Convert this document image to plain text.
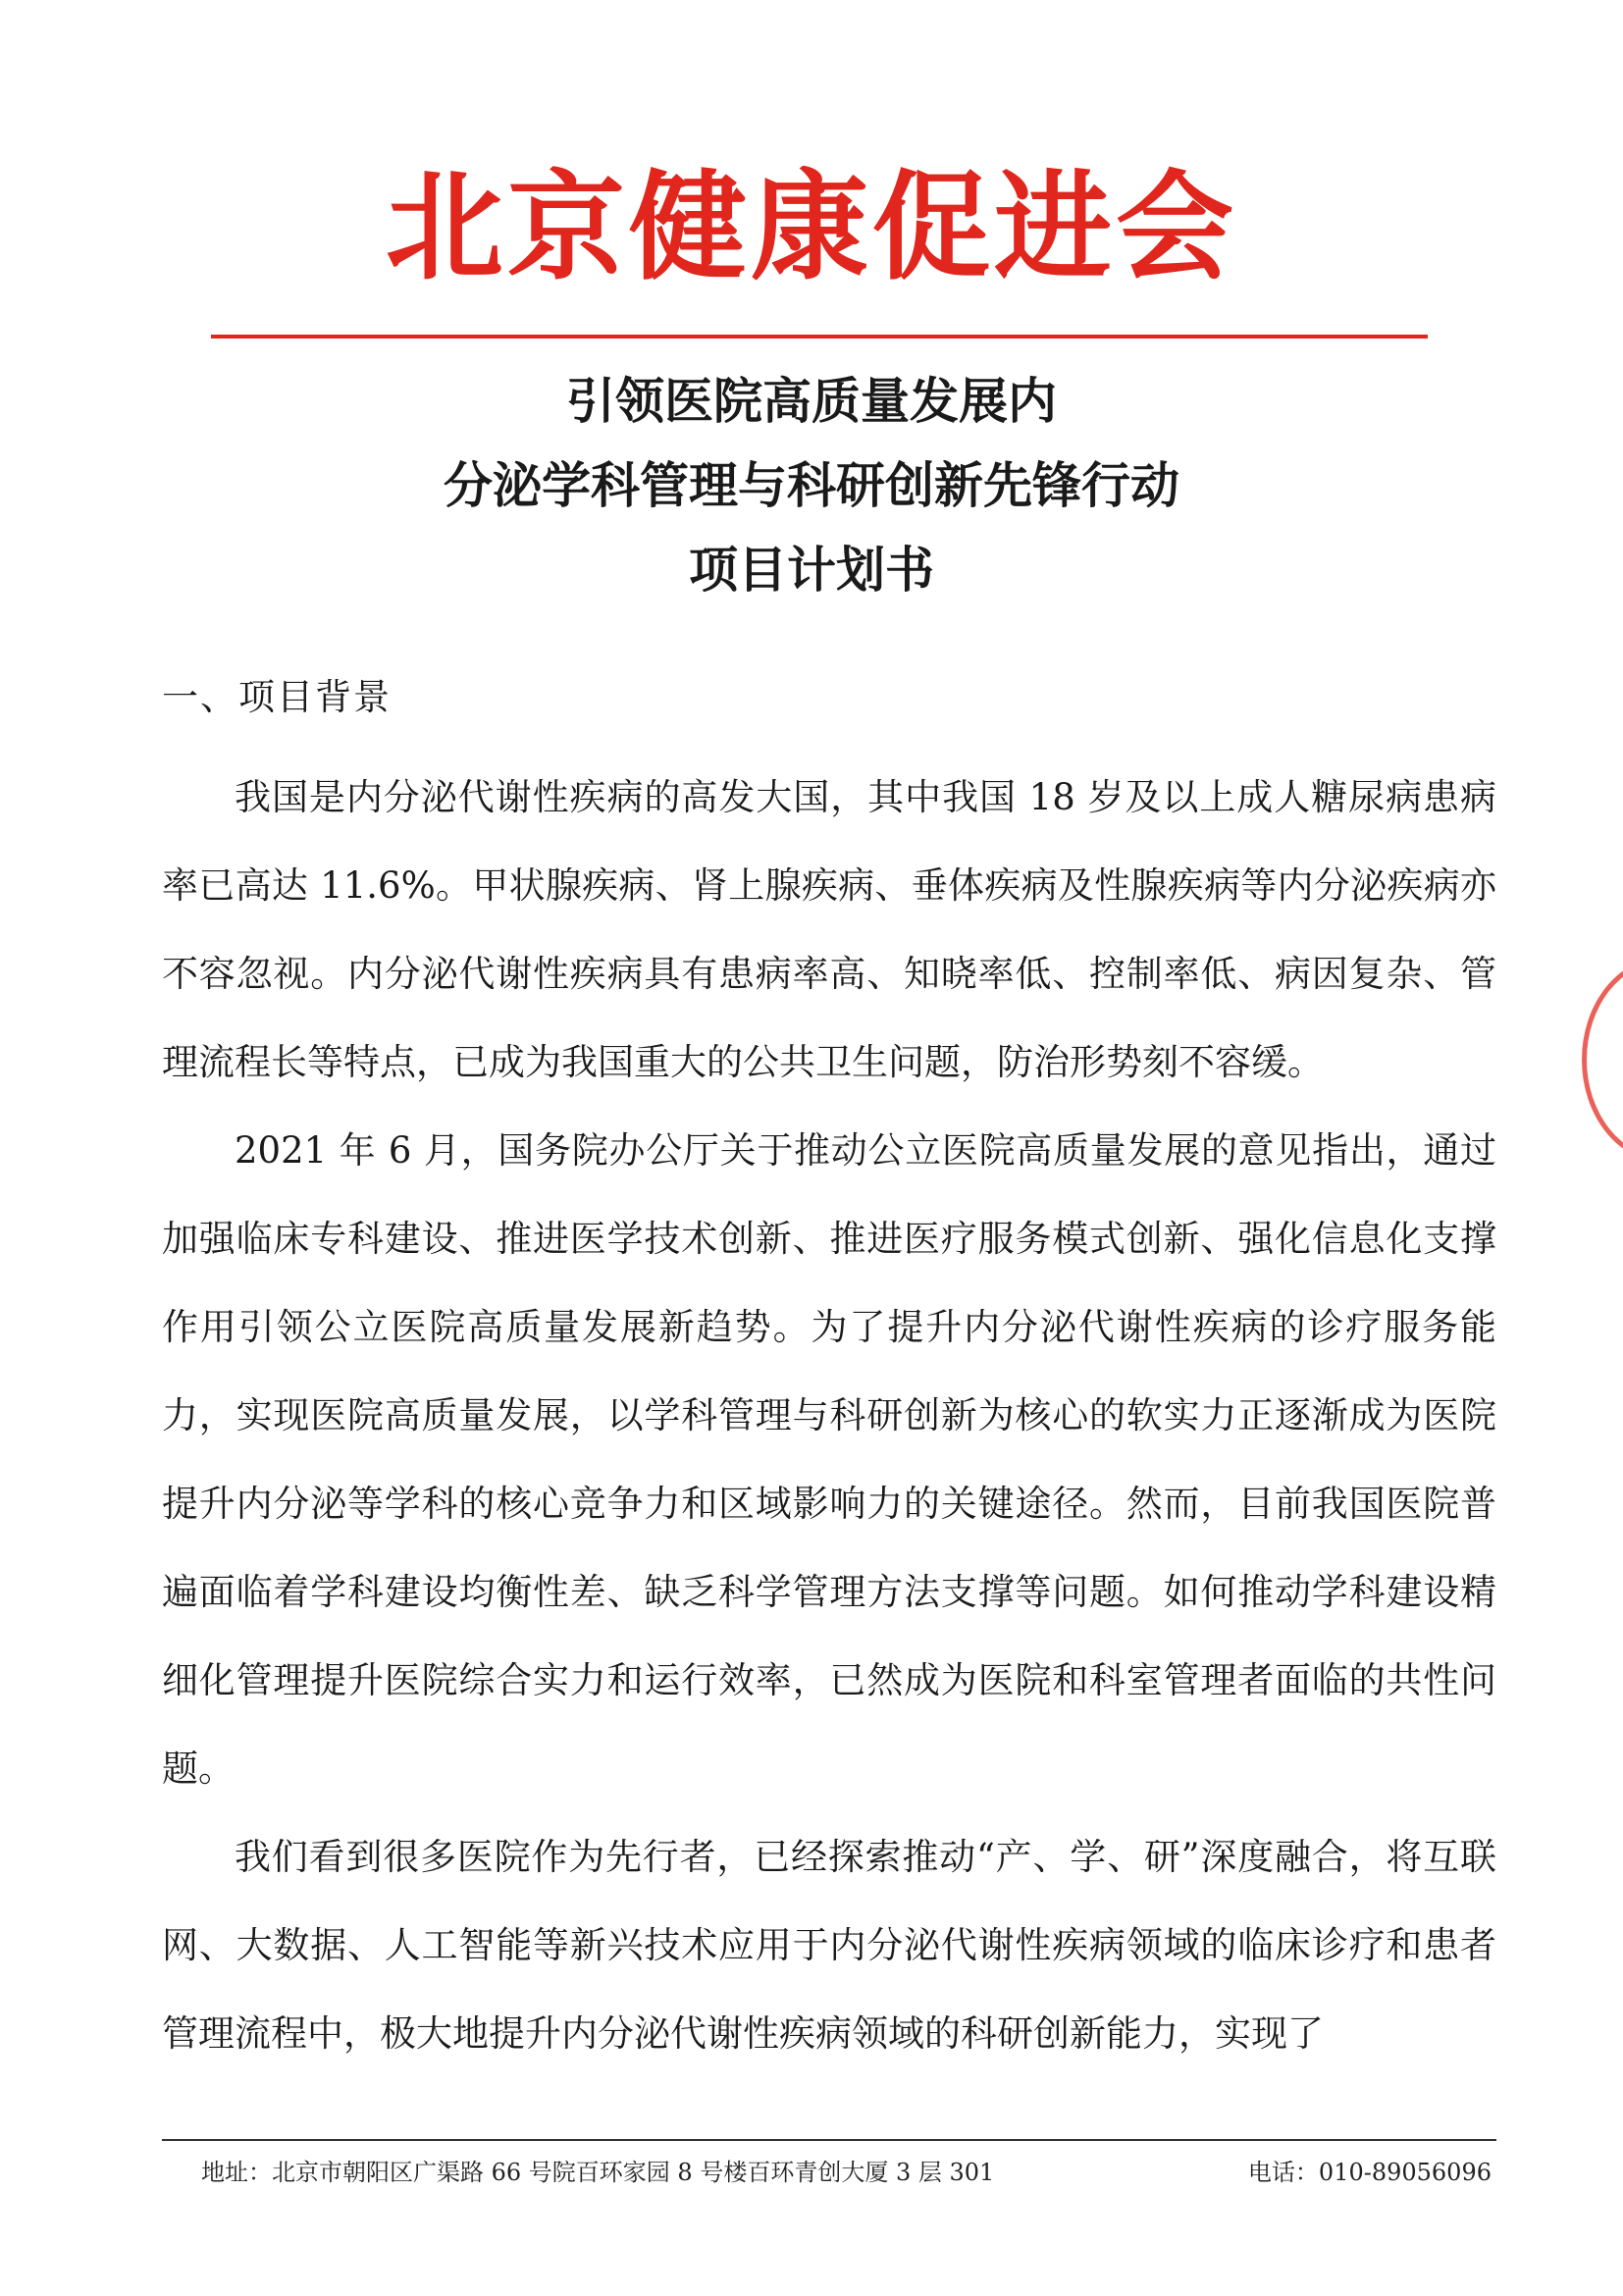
北京健康促进会
引领医院高质量发展内
分泌学科管理与科研创新先锋行动
项目计划书
一、项目背景

我国是内分泌代谢性疾病的高发大国，其中我国 18 岁及以上成人糖尿病患病率已高达 11.6%。甲状腺疾病、肾上腺疾病、垂体疾病及性腺疾病等内分泌疾病亦不容忽视。内分泌代谢性疾病具有患病率高、知晓率低、控制率低、病因复杂、管理流程长等特点，已成为我国重大的公共卫生问题，防治形势刻不容缓。

2021 年 6 月，国务院办公厅关于推动公立医院高质量发展的意见指出，通过加强临床专科建设、推进医学技术创新、推进医疗服务模式创新、强化信息化支撑作用引领公立医院高质量发展新趋势。为了提升内分泌代谢性疾病的诊疗服务能力，实现医院高质量发展，以学科管理与科研创新为核心的软实力正逐渐成为医院提升内分泌等学科的核心竞争力和区域影响力的关键途径。然而，目前我国医院普遍面临着学科建设均衡性差、缺乏科学管理方法支撑等问题。如何推动学科建设精细化管理提升医院综合实力和运行效率，已然成为医院和科室管理者面临的共性问题。

我们看到很多医院作为先行者，已经探索推动“产、学、研”深度融合，将互联网、大数据、人工智能等新兴技术应用于内分泌代谢性疾病领域的临床诊疗和患者管理流程中，极大地提升内分泌代谢性疾病领域的科研创新能力，实现了

地址：北京市朝阳区广渠路 66 号院百环家园 8 号楼百环青创大厦 3 层 301	电话：010-89056096
